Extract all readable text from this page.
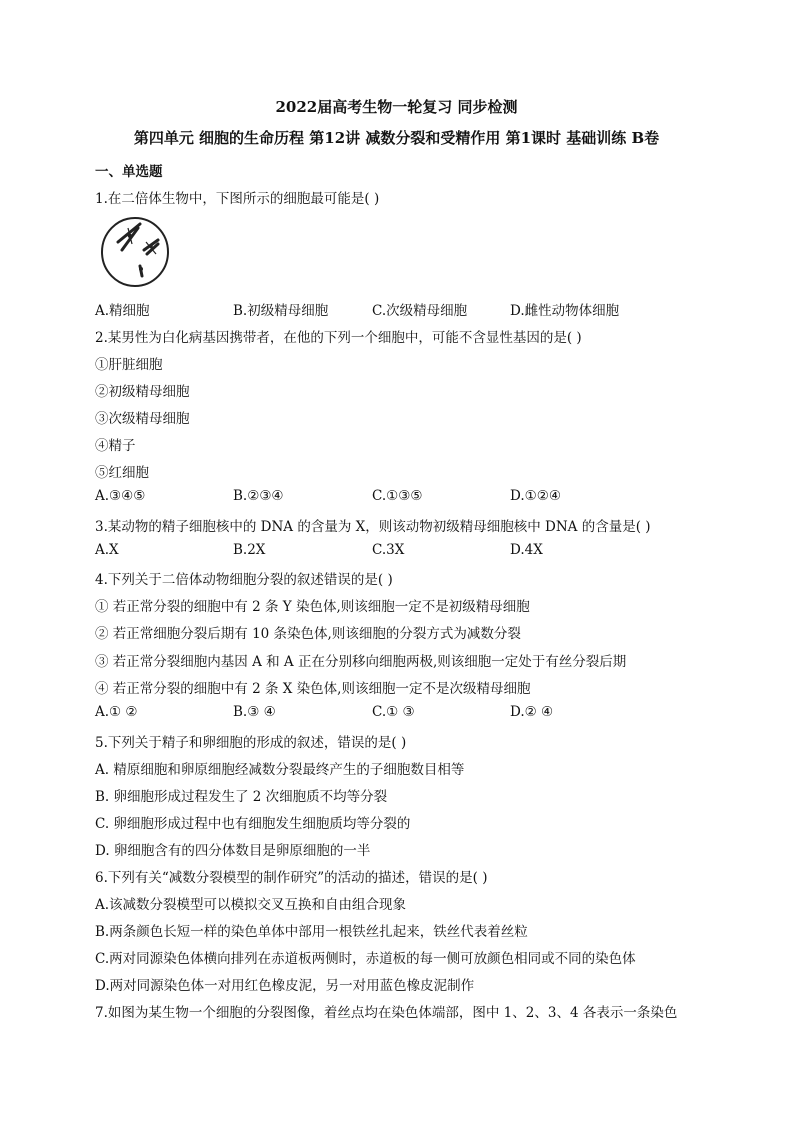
2022届高考生物一轮复习 同步检测
第四单元 细胞的生命历程 第12讲 减数分裂和受精作用 第1课时 基础训练 B卷
一、单选题
1.在二倍体生物中，下图所示的细胞最可能是( )
A.精细胞	B.初级精母细胞	C.次级精母细胞	D.雌性动物体细胞
2.某男性为白化病基因携带者，在他的下列一个细胞中，可能不含显性基因的是( )
①肝脏细胞
②初级精母细胞
③次级精母细胞
④精子
⑤红细胞
A.③④⑤	B.②③④	C.①③⑤	D.①②④
3.某动物的精子细胞核中的 DNA 的含量为 X，则该动物初级精母细胞核中 DNA 的含量是( )
A.X	B.2X	C.3X	D.4X
4.下列关于二倍体动物细胞分裂的叙述错误的是( )
① 若正常分裂的细胞中有 2 条 Y 染色体,则该细胞一定不是初级精母细胞
② 若正常细胞分裂后期有 10 条染色体,则该细胞的分裂方式为减数分裂
③ 若正常分裂细胞内基因 A 和 A 正在分别移向细胞两极,则该细胞一定处于有丝分裂后期
④ 若正常分裂的细胞中有 2 条 X 染色体,则该细胞一定不是次级精母细胞
A.① ②	B.③ ④	C.① ③	D.② ④
5.下列关于精子和卵细胞的形成的叙述，错误的是( )
A. 精原细胞和卵原细胞经减数分裂最终产生的子细胞数目相等
B. 卵细胞形成过程发生了 2 次细胞质不均等分裂
C. 卵细胞形成过程中也有细胞发生细胞质均等分裂的
D. 卵细胞含有的四分体数目是卵原细胞的一半
6.下列有关“减数分裂模型的制作研究”的活动的描述，错误的是( )
A.该减数分裂模型可以模拟交叉互换和自由组合现象
B.两条颜色长短一样的染色单体中部用一根铁丝扎起来，铁丝代表着丝粒
C.两对同源染色体横向排列在赤道板两侧时，赤道板的每一侧可放颜色相同或不同的染色体
D.两对同源染色体一对用红色橡皮泥，另一对用蓝色橡皮泥制作
7.如图为某生物一个细胞的分裂图像，着丝点均在染色体端部，图中 1、2、3、4 各表示一条染色
